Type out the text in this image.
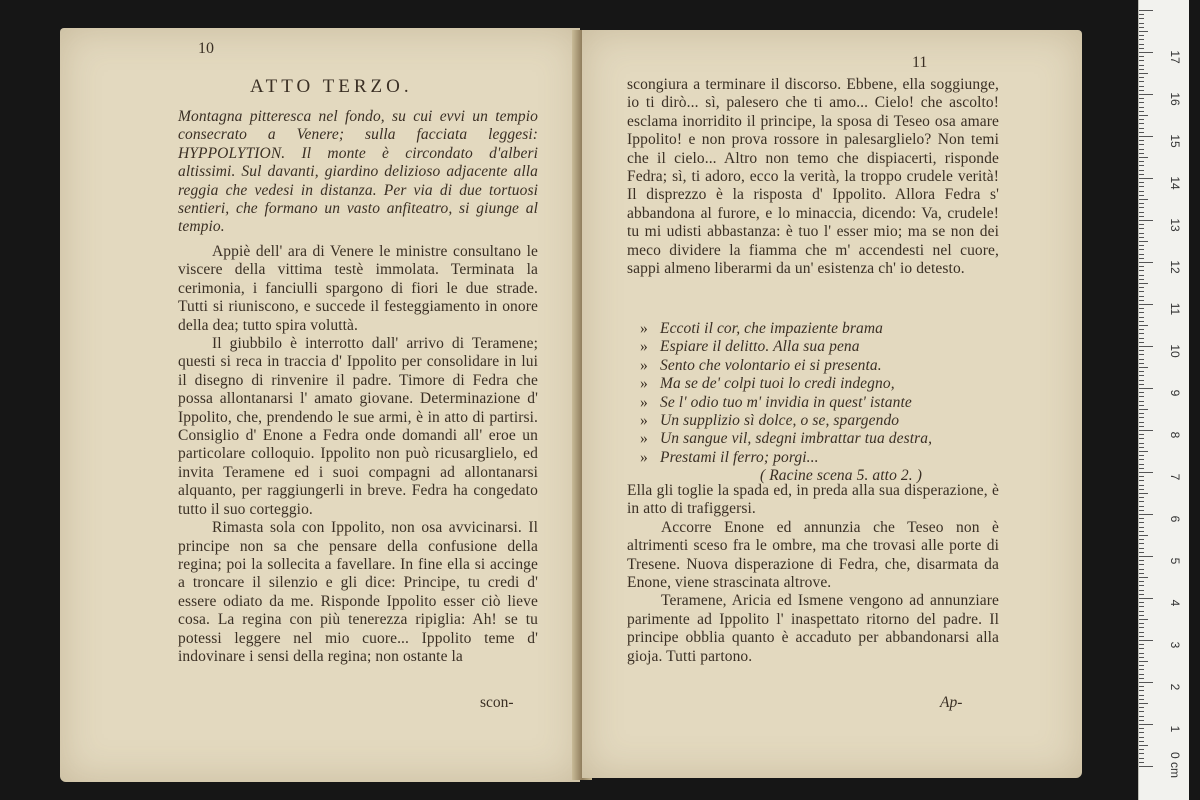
10
ATTO TERZO.

Montagna pitteresca nel fondo, su cui evvi un tempio consecrato a Venere; sulla facciata leggesi: HYPPOLYTION. Il monte è circondato d'alberi altissimi. Sul davanti, giardino delizioso adjacente alla reggia che vedesi in distanza. Per via di due tortuosi sentieri, che formano un vasto anfiteatro, si giunge al tempio.

Appiè dell' ara di Venere le ministre consultano le viscere della vittima testè immolata. Terminata la cerimonia, i fanciulli spargono di fiori le due strade. Tutti si riuniscono, e succede il festeggiamento in onore della dea; tutto spira voluttà.

Il giubbilo è interrotto dall' arrivo di Teramene; questi si reca in traccia d' Ippolito per consolidare in lui il disegno di rinvenire il padre. Timore di Fedra che possa allontanarsi l' amato giovane. Determinazione d' Ippolito, che, prendendo le sue armi, è in atto di partirsi. Consiglio d' Enone a Fedra onde domandi all' eroe un particolare colloquio. Ippolito non può ricusarglielo, ed invita Teramene ed i suoi compagni ad allontanarsi alquanto, per raggiungerli in breve. Fedra ha congedato tutto il suo corteggio.

Rimasta sola con Ippolito, non osa avvicinarsi. Il principe non sa che pensare della confusione della regina; poi la sollecita a favellare. In fine ella si accinge a troncare il silenzio e gli dice: Principe, tu credi d' essere odiato da me. Risponde Ippolito esser ciò lieve cosa. La regina con più tenerezza ripiglia: Ah! se tu potessi leggere nel mio cuore... Ippolito teme d' indovinare i sensi della regina; non ostante la

scon-
11

scongiura a terminare il discorso. Ebbene, ella soggiunge, io ti dirò... sì, palesero che ti amo... Cielo! che ascolto! esclama inorridito il principe, la sposa di Teseo osa amare Ippolito! e non prova rossore in palesarglielo? Non temi che il cielo... Altro non temo che dispiacerti, risponde Fedra; sì, ti adoro, ecco la verità, la troppo crudele verità! Il disprezzo è la risposta d' Ippolito. Allora Fedra s' abbandona al furore, e lo minaccia, dicendo: Va, crudele! tu mi udisti abbastanza: è tuo l' esser mio; ma se non dei meco dividere la fiamma che m' accendesti nel cuore, sappi almeno liberarmi da un' esistenza ch' io detesto.

» Eccoti il cor, che impaziente brama
» Espiare il delitto. Alla sua pena
» Sento che volontario ei si presenta.
» Ma se de' colpi tuoi lo credi indegno,
» Se l' odio tuo m' invidia in quest' istante
» Un supplizio sì dolce, o se, spargendo
» Un sangue vil, sdegni imbrattar tua destra,
» Prestami il ferro; porgi...
( Racine scena 5. atto 2. )

Ella gli toglie la spada ed, in preda alla sua disperazione, è in atto di trafiggersi.

Accorre Enone ed annunzia che Teseo non è altrimenti sceso fra le ombre, ma che trovasi alle porte di Tresene. Nuova disperazione di Fedra, che, disarmata da Enone, viene strascinata altrove.

Teramene, Aricia ed Ismene vengono ad annunziare parimente ad Ippolito l' inaspettato ritorno del padre. Il principe obblia quanto è accaduto per abbandonarsi alla gioja. Tutti partono.

Ap-
0 cm
1
2
3
4
5
6
7
8
9
10
11
12
13
14
15
16
17
